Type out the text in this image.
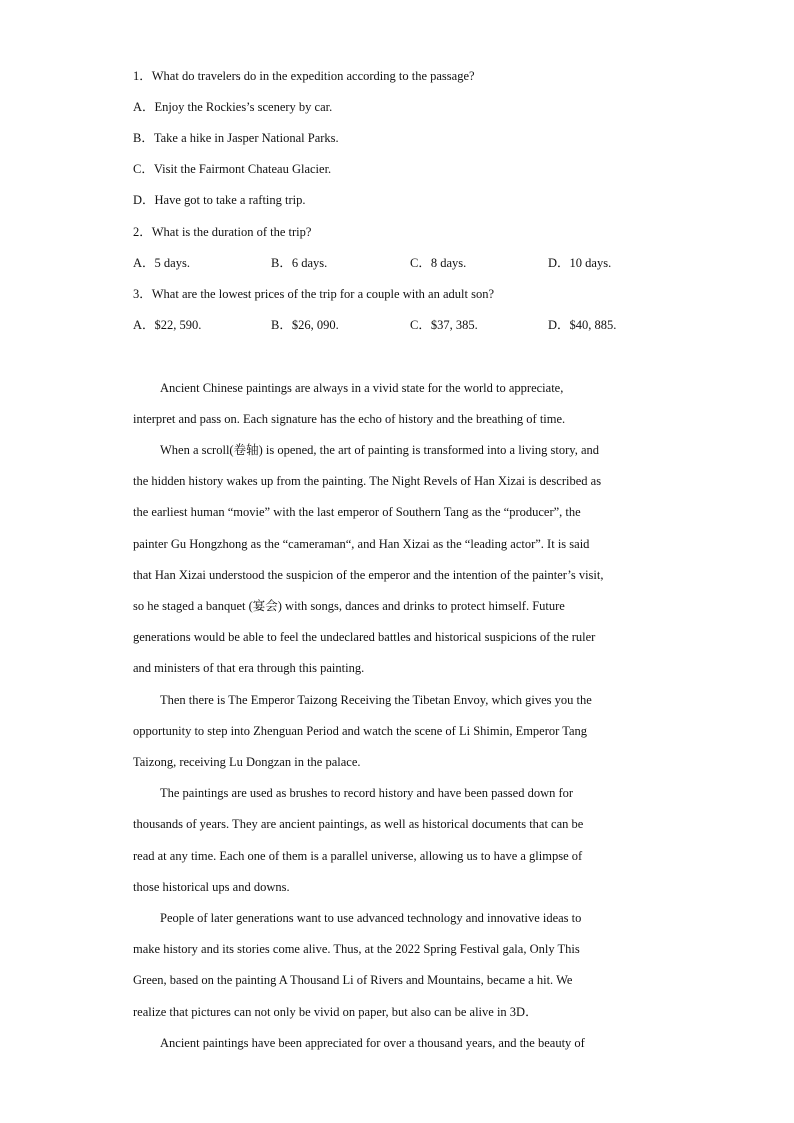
1．What do travelers do in the expedition according to the passage?
A．Enjoy the Rockies’s scenery by car.
B．Take a hike in Jasper National Parks.
C．Visit the Fairmont Chateau Glacier.
D．Have got to take a rafting trip.
2．What is the duration of the trip?
A．5 days.	B．6 days.	C．8 days.	D．10 days.
3．What are the lowest prices of the trip for a couple with an adult son?
A．$22, 590.	B．$26, 090.	C．$37, 385.	D．$40, 885.
Ancient Chinese paintings are always in a vivid state for the world to appreciate,
interpret and pass on. Each signature has the echo of history and the breathing of time.
When a scroll(卷轴) is opened, the art of painting is transformed into a living story, and
the hidden history wakes up from the painting. The Night Revels of Han Xizai is described as
the earliest human “movie” with the last emperor of Southern Tang as the “producer”, the
painter Gu Hongzhong as the “cameraman“, and Han Xizai as the “leading actor”. It is said
that Han Xizai understood the suspicion of the emperor and the intention of the painter’s visit,
so he staged a banquet (宴会) with songs, dances and drinks to protect himself. Future
generations would be able to feel the undeclared battles and historical suspicions of the ruler
and ministers of that era through this painting.
Then there is The Emperor Taizong Receiving the Tibetan Envoy, which gives you the
opportunity to step into Zhenguan Period and watch the scene of Li Shimin, Emperor Tang
Taizong, receiving Lu Dongzan in the palace.
The paintings are used as brushes to record history and have been passed down for
thousands of years. They are ancient paintings, as well as historical documents that can be
read at any time. Each one of them is a parallel universe, allowing us to have a glimpse of
those historical ups and downs.
People of later generations want to use advanced technology and innovative ideas to
make history and its stories come alive. Thus, at the 2022 Spring Festival gala, Only This
Green, based on the painting A Thousand Li of Rivers and Mountains, became a hit. We
realize that pictures can not only be vivid on paper, but also can be alive in 3D．
Ancient paintings have been appreciated for over a thousand years, and the beauty of
